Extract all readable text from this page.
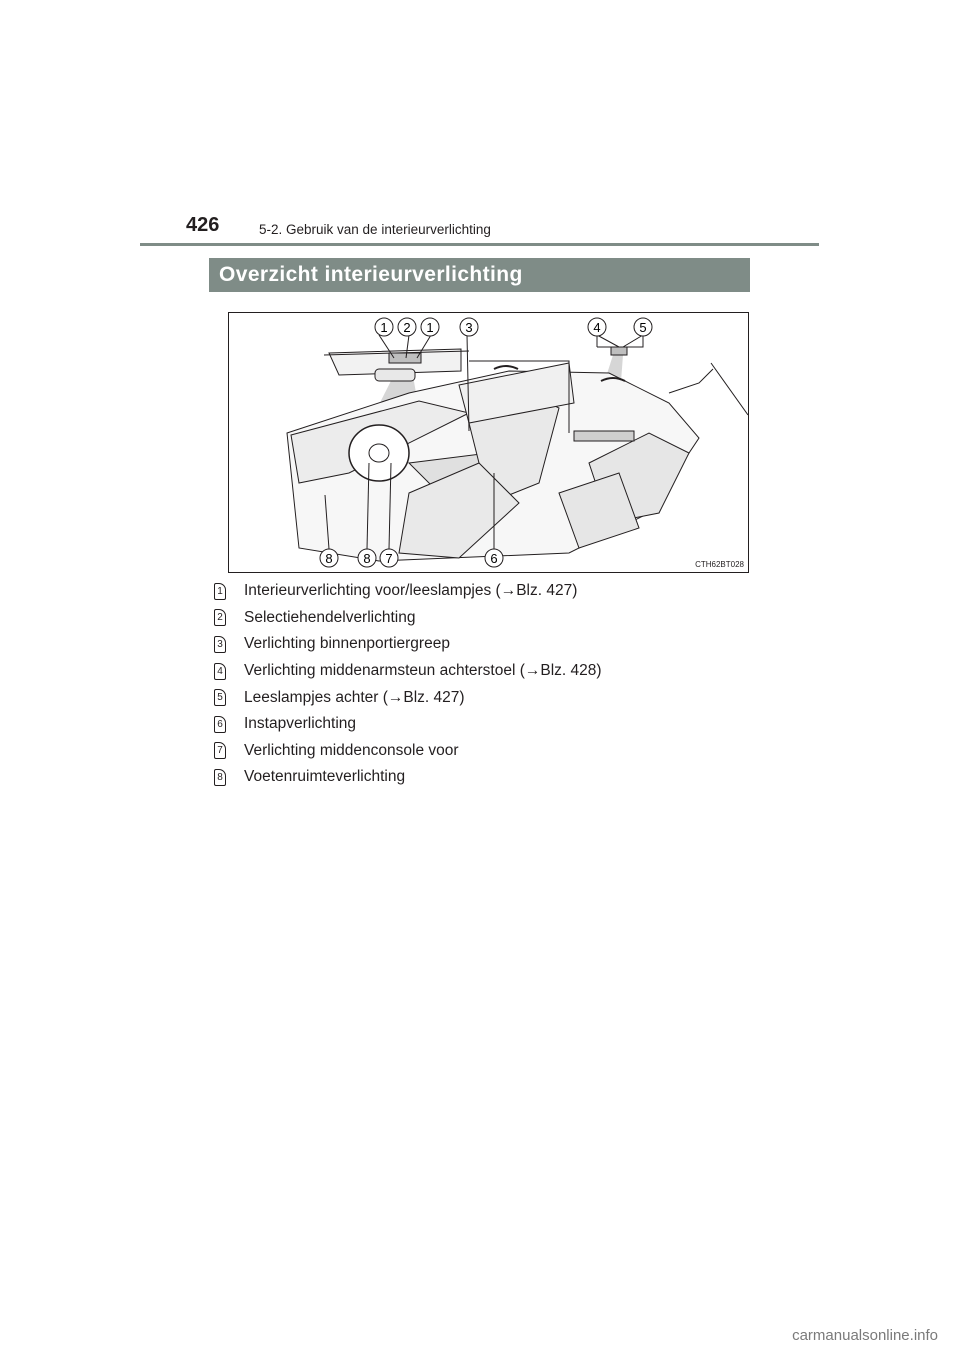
426	5-2. Gebruik van de interieurverlichting
Overzicht interieurverlichting
1 2 1 3	4	5
8 8 7	6	CTH62BT028
1 Interieurverlichting voor/leeslampjes (→Blz. 427)
2 Selectiehendelverlichting
3 Verlichting binnenportiergreep
4 Verlichting middenarmsteun achterstoel (→Blz. 428)
5 Leeslampjes achter (→Blz. 427)
6 Instapverlichting
7 Verlichting middenconsole voor
8 Voetenruimteverlichting
carmanualsonline.info
